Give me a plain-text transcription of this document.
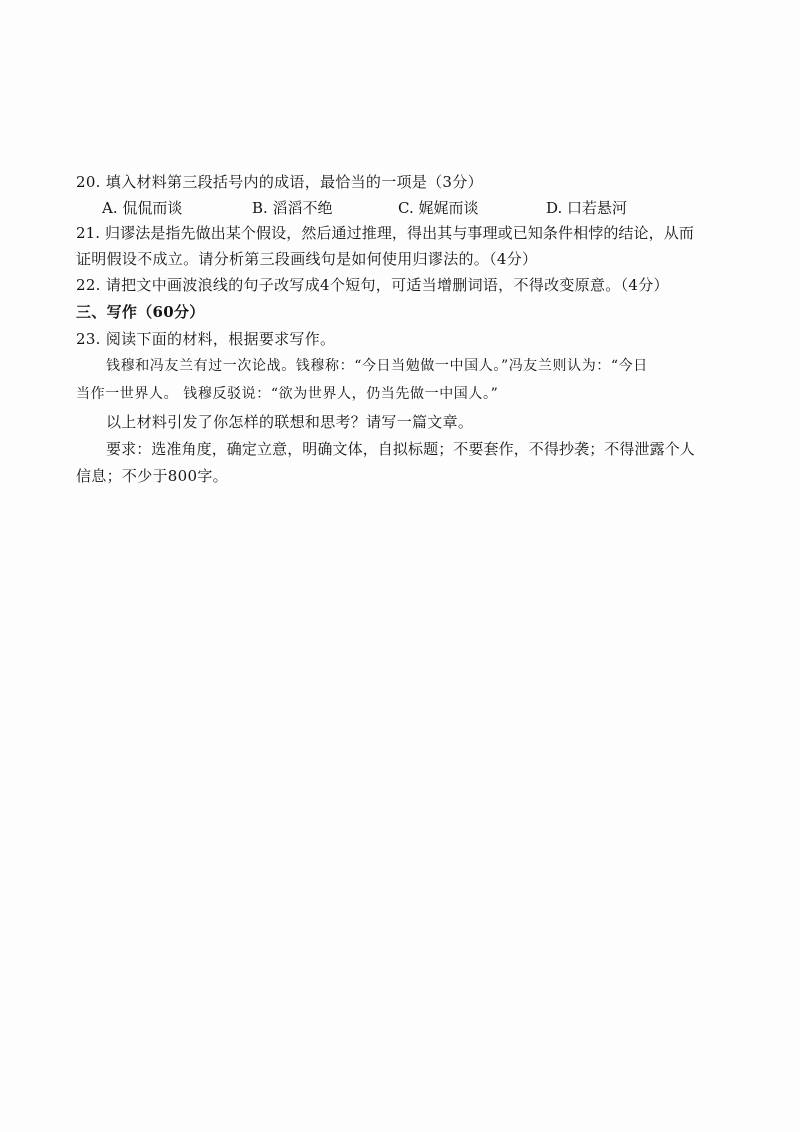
20. 填入材料第三段括号内的成语，最恰当的一项是（3分）
A. 侃侃而谈	B. 滔滔不绝	C. 娓娓而谈	D. 口若悬河
21. 归谬法是指先做出某个假设，然后通过推理，得出其与事理或已知条件相悖的结论，从而
证明假设不成立。请分析第三段画线句是如何使用归谬法的。（4分）
22. 请把文中画波浪线的句子改写成4个短句，可适当增删词语，不得改变原意。（4分）
三、写作（60分）
23. 阅读下面的材料，根据要求写作。
钱穆和冯友兰有过一次论战。钱穆称：“今日当勉做一中国人。”冯友兰则认为：“今日
当作一世界人。 钱穆反驳说：“欲为世界人，仍当先做一中国人。”
以上材料引发了你怎样的联想和思考？请写一篇文章。
要求：选准角度，确定立意，明确文体，自拟标题；不要套作，不得抄袭；不得泄露个人
信息；不少于800字。
